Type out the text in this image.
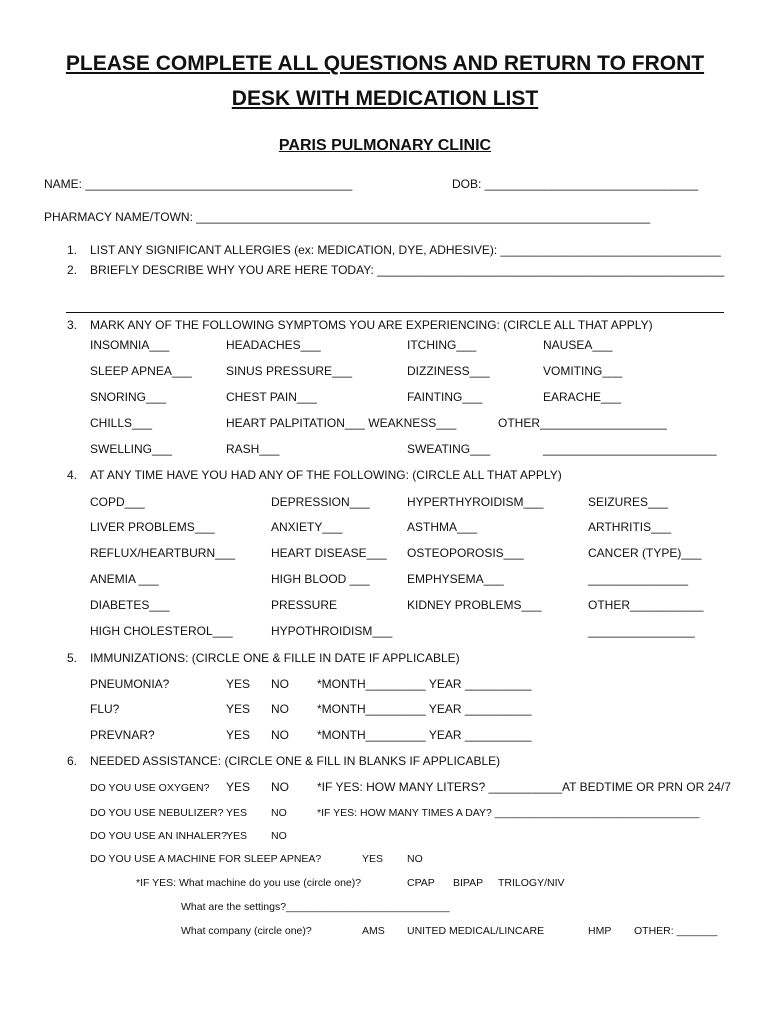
PLEASE COMPLETE ALL QUESTIONS AND RETURN TO FRONT
DESK WITH MEDICATION LIST
PARIS PULMONARY CLINIC
NAME: ________________________________________	DOB: ________________________________
PHARMACY NAME/TOWN: ____________________________________________________________________
1. LIST ANY SIGNIFICANT ALLERGIES (ex: MEDICATION, DYE, ADHESIVE): _________________________________
2. BRIEFLY DESCRIBE WHY YOU ARE HERE TODAY: ____________________________________________________
3. MARK ANY OF THE FOLLOWING SYMPTOMS YOU ARE EXPERIENCING: (CIRCLE ALL THAT APPLY)
INSOMNIA___	HEADACHES___	ITCHING___	NAUSEA___
SLEEP APNEA___	SINUS PRESSURE___	DIZZINESS___	VOMITING___
SNORING___	CHEST PAIN___	FAINTING___	EARACHE___
CHILLS___	HEART PALPITATION___ WEAKNESS___	OTHER___________________
SWELLING___	RASH___	SWEATING___	__________________________
4. AT ANY TIME HAVE YOU HAD ANY OF THE FOLLOWING: (CIRCLE ALL THAT APPLY)
COPD___	DEPRESSION___	HYPERTHYROIDISM___	SEIZURES___
LIVER PROBLEMS___	ANXIETY___	ASTHMA___	ARTHRITIS___
REFLUX/HEARTBURN___	HEART DISEASE___ OSTEOPOROSIS___	CANCER (TYPE)___
ANEMIA ___	HIGH BLOOD ___	EMPHYSEMA___	_______________
DIABETES___	PRESSURE	KIDNEY PROBLEMS___	OTHER___________
HIGH CHOLESTEROL___	HYPOTHROIDISM___	________________
5. IMMUNIZATIONS: (CIRCLE ONE & FILLE IN DATE IF APPLICABLE)
PNEUMONIA?	YES NO *MONTH_________ YEAR __________
FLU?	YES NO *MONTH_________ YEAR __________
PREVNAR?	YES NO *MONTH_________ YEAR __________
6. NEEDED ASSISTANCE: (CIRCLE ONE & FILL IN BLANKS IF APPLICABLE)
DO YOU USE OXYGEN? YES NO *IF YES: HOW MANY LITERS? ___________AT BEDTIME OR PRN OR 24/7
DO YOU USE NEBULIZER? YES NO	*IF YES: HOW MANY TIMES A DAY? ___________________________________
DO YOU USE AN INHALER? YES NO
DO YOU USE A MACHINE FOR SLEEP APNEA?	YES NO
*IF YES: What machine do you use (circle one)?	CPAP BIPAP TRILOGY/NIV
What are the settings?____________________________
What company (circle one)?	AMS UNITED MEDICAL/LINCARE	HMP OTHER: _______
